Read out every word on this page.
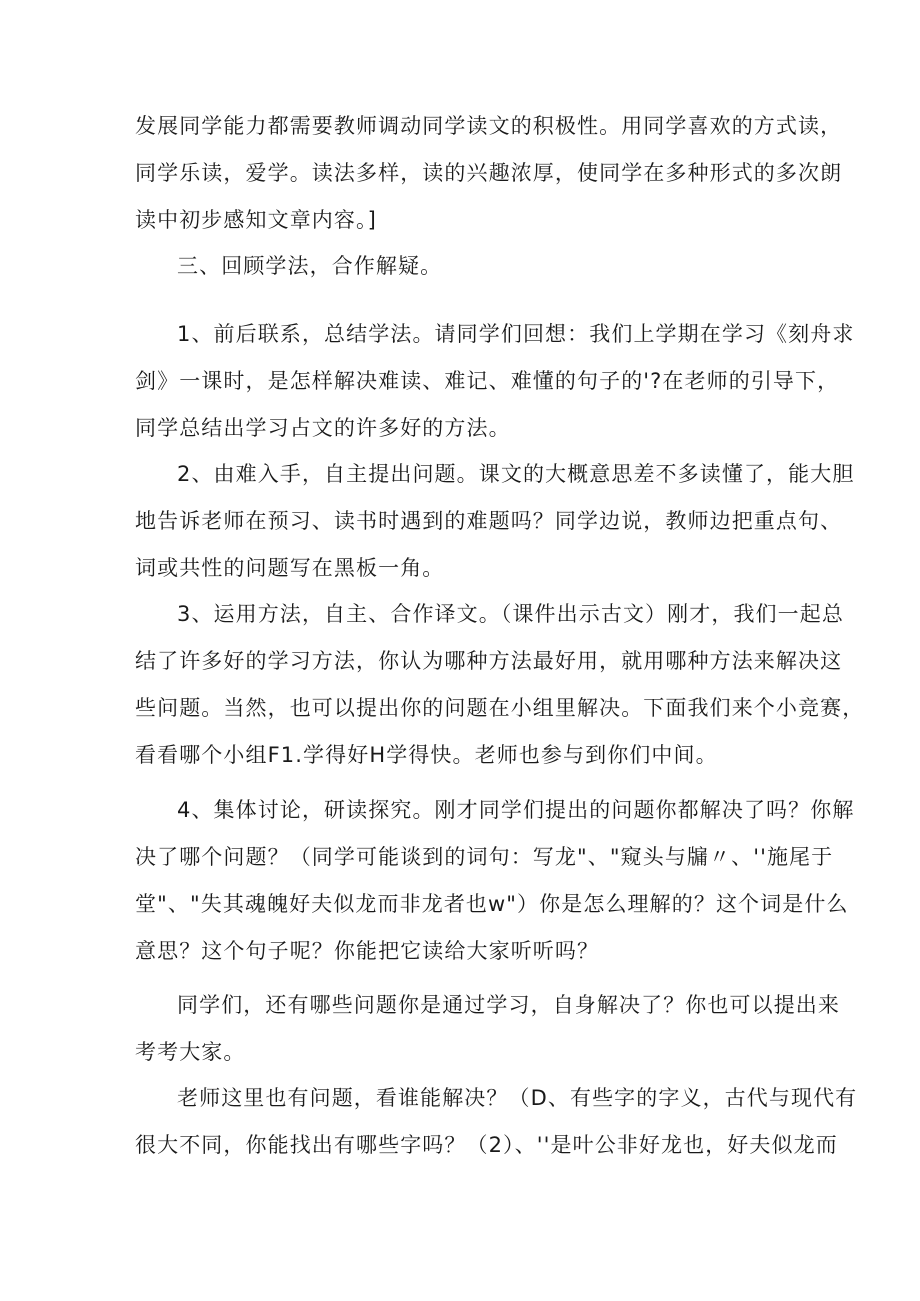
发展同学能力都需要教师调动同学读文的积极性。用同学喜欢的方式读，
同学乐读，爱学。读法多样，读的兴趣浓厚，使同学在多种形式的多次朗
读中初步感知文章内容。]
三、回顾学法，合作解疑。
1、前后联系，总结学法。请同学们回想：我们上学期在学习《刻舟求
剑》一课时，是怎样解决难读、难记、难懂的句子的'?在老师的引导下，
同学总结出学习占文的许多好的方法。
2、由难入手，自主提出问题。课文的大概意思差不多读懂了，能大胆
地告诉老师在预习、读书时遇到的难题吗？同学边说，教师边把重点句、
词或共性的问题写在黑板一角。
3、运用方法，自主、合作译文。（课件出示古文）刚才，我们一起总
结了许多好的学习方法，你认为哪种方法最好用，就用哪种方法来解决这
些问题。当然，也可以提出你的问题在小组里解决。下面我们来个小竞赛，
看看哪个小组F1.学得好H学得快。老师也参与到你们中间。
4、集体讨论，研读探究。刚才同学们提出的问题你都解决了吗？你解
决了哪个问题？（同学可能谈到的词句：写龙"、"窥头与牖〃、''施尾于
堂"、"失其魂魄好夫似龙而非龙者也w"）你是怎么理解的？这个词是什么
意思？这个句子呢？你能把它读给大家听听吗？
同学们，还有哪些问题你是通过学习，自身解决了？你也可以提出来
考考大家。
老师这里也有问题，看谁能解决？（D、有些字的字义，古代与现代有
很大不同，你能找出有哪些字吗？（2）、''是叶公非好龙也，好夫似龙而
